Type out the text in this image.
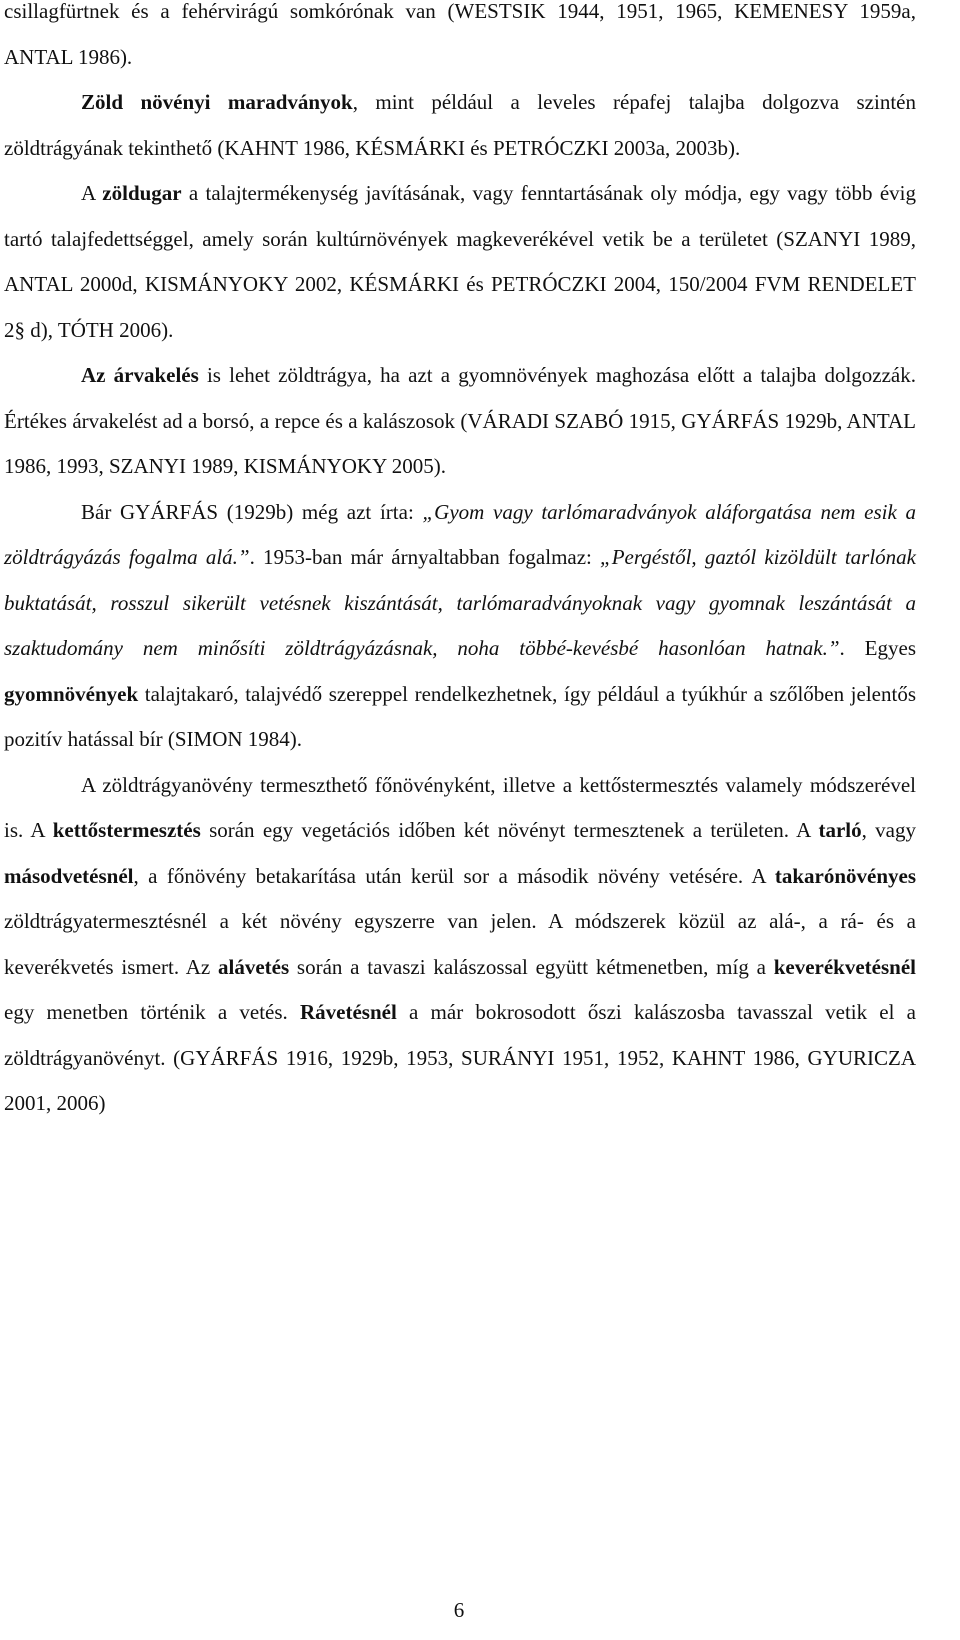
csillagfürtnek és a fehérvirágú somkórónak van (WESTSIK 1944, 1951, 1965, KEMENESY 1959a, ANTAL 1986).

Zöld növényi maradványok, mint például a leveles répafej talajba dolgozva szintén zöldtrágyának tekinthető (KAHNT 1986, KÉSMÁRKI és PETRÓCZKI 2003a, 2003b).

A zöldugar a talajtermékenység javításának, vagy fenntartásának oly módja, egy vagy több évig tartó talajfedettséggel, amely során kultúrnövények magkeverékével vetik be a területet (SZANYI 1989, ANTAL 2000d, KISMÁNYOKY 2002, KÉSMÁRKI és PETRÓCZKI 2004, 150/2004 FVM RENDELET 2§ d), TÓTH 2006).

Az árvakelés is lehet zöldtrágya, ha azt a gyomnövények maghozása előtt a talajba dolgozzák. Értékes árvakelést ad a borsó, a repce és a kalászosok (VÁRADI SZABÓ 1915, GYÁRFÁS 1929b, ANTAL 1986, 1993, SZANYI 1989, KISMÁNYOKY 2005).

Bár GYÁRFÁS (1929b) még azt írta: „Gyom vagy tarlómaradványok aláforgatása nem esik a zöldtrágyázás fogalma alá.”. 1953-ban már árnyaltabban fogalmaz: „Pergéstől, gaztól kizöldült tarlónak buktatását, rosszul sikerült vetésnek kiszántását, tarlómaradványoknak vagy gyomnak leszántását a szaktudomány nem minősíti zöldtrágyázásnak, noha többé-kevésbé hasonlóan hatnak.”. Egyes gyomnövények talajtakaró, talajvédő szereppel rendelkezhetnek, így például a tyúkhúr a szőlőben jelentős pozitív hatással bír (SIMON 1984).

A zöldtrágyanövény termeszthető főnövényként, illetve a kettőstermesztés valamely módszerével is. A kettőstermesztés során egy vegetációs időben két növényt termesztenek a területen. A tarló, vagy másodvetésnél, a főnövény betakarítása után kerül sor a második növény vetésére. A takarónövényes zöldtrágyatermesztésnél a két növény egyszerre van jelen. A módszerek közül az alá-, a rá- és a keverékvetés ismert. Az alávetés során a tavaszi kalászossal együtt kétmenetben, míg a keverékvetésnél egy menetben történik a vetés. Rávetésnél a már bokrosodott őszi kalászosba tavasszal vetik el a zöldtrágyanövényt. (GYÁRFÁS 1916, 1929b, 1953, SURÁNYI 1951, 1952, KAHNT 1986, GYURICZA 2001, 2006)

6
